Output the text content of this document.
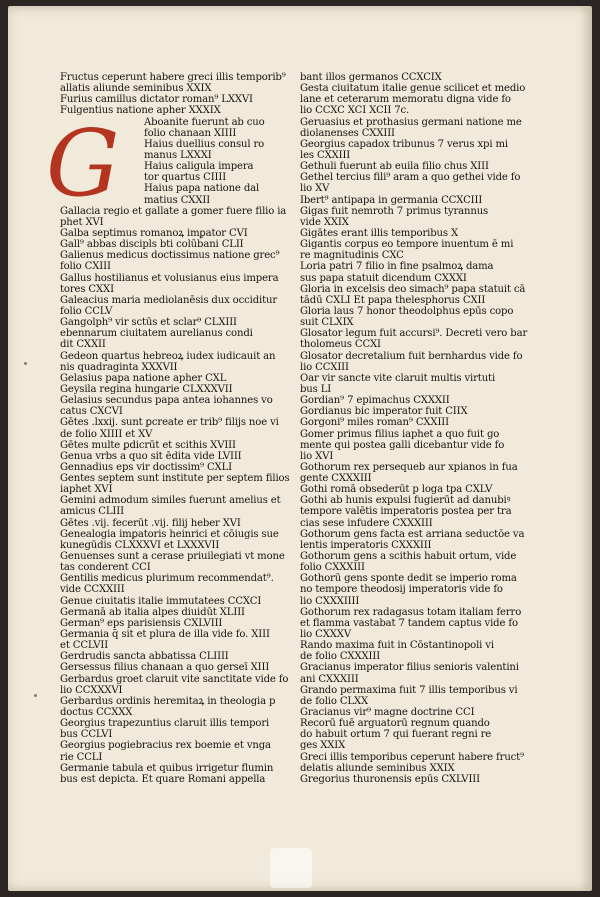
G
Fructus ceperunt habere greci illis temporib⁹
allatis aliunde seminibus XXIX
Furius camillus dictator roman⁹ LXXVI
Fulgentius natione apher XXXIX
Aboanite fuerunt ab cuo
folio chanaan XIIII
Haius duellius consul ro
manus LXXXI
Haius caligula impera
tor quartus CIIII
Haius papa natione dal
matius CXXII
Gallacia regio et gallate a gomer fuere filio ia
phet XVI
Galba septimus romanoꝝ imꝑator CVI
Gall⁹ abbas discipls bti colūbani CLII
Galienus medicus doctissimus natione grec⁹
folio CXIII
Gallus hostilianus et volusianus eius impera
tores CXXI
Galeacius maria mediolanēsis dux occiditur
folio CCLV
Gangolph⁹ vir sctūs et sclar⁹ CLXIII
ebennarum ciuitatem aurelianus condi
dit CXXII
Gedeon quartus hebreoꝝ iudex iudicauit an
nis quadraginta XXXVII
Gelasius papa natione apher CXL
Geysila regina hungarie CLXXXVII
Gelasius secundus papa antea iohannes vo
catus CXCVI
Gētes .lxxij. sunt ꝑcreate er trib⁹ filijs noe vi
de folio XIIII et XV
Gētes multe ꝑdicrūt et scithis XVIII
Genua vrbs a quo sit ēdita vide LVIII
Gennadius eps vir doctissim⁹ CXLI
Gentes septem sunt institute per septem filios
iaphet XVI
Gemini admodum similes fuerunt amelius et
amicus CLIII
Gētes .vij. fecerūt .vij. filij heber XVI
Genealogia imꝑatoris heinrici et cōiugis sue
kunegūdis CLXXXVI et LXXXVII
Genuenses sunt a cerase priuilegiati vt mone
tas conderent CCI
Gentilis medicus plurimum recommendat⁹.
vide CCXXIII
Genue ciuitatis italie immutatees CCXCI
Germanā ab italia alpes diuidūt XLIII
German⁹ eps parisiensis CXLVIII
Germania q̄ sit et plura de illa vide fo. XIII
et CCLVII
Gerdrudis sancta abbatissa CLIIII
Gersessus filius chanaan a quo gerseī XIII
Gerbardus groet claruit vite sanctitate vide fo
lio CCXXXVI
Gerbardus ordinis heremitaꝝ in theologia p
doctus CCXXX
Georgius trapezuntius claruit illis tempori
bus CCLVI
Georgius pogiebracius rex boemie et vnga
rie CCLI
Germanie tabula et quibus irrigetur flumin
bus est depicta. Et quare Romani appella
bant illos germanos CCXCIX
Gesta ciuitatum italie genue scilicet et medio
lane et ceterarum memoratu digna vide fo
lio CCXC XCI XCII 7c.
Geruasius et prothasius germani natione me
diolanenses CXXIII
Georgius capadox tribunus 7 verus xpi mi
les CXXIII
Gethuli fuerunt ab euila filio chus XIII
Gethel tercius fili⁹ aram a quo gethei vide fo
lio XV
Ibert⁹ antipapa in germania CCXCIII
Gigas fuit nemroth 7 primus tyrannus
vide XXIX
Gigātes erant illis temporibus X
Gigantis corpus eo tempore inuentum ē mi
re magnitudinis CXC
Loria patri 7 filio in fine psalmoꝝ dama
sus papa statuit dicendum CXXXI
Gloria in excelsis deo simach⁹ papa statuit cā
tādū CXLI Et papa thelesphorus CXII
Gloria laus 7 honor theodolphus epūs copo
suit CLXIX
Glosator legum fuit accursi⁹. Decreti vero bar
tholomeus CCXI
Glosator decretalium fuit bernhardus vide fo
lio CCXIII
Oar vir sancte vite claruit multis virtuti
bus LI
Gordian⁹ 7 epimachus CXXXII
Gordianus bic imperator fuit CIIX
Gorgoni⁹ miles roman⁹ CXXIII
Gomer primus filius iaphet a quo fuit go
mente qui postea galli dicebantur vide fo
lio XVI
Gothorum rex persequeb aur xpianos in fua
gente CXXXIII
Gothi romā obsederūt p loga tpa CXLV
Gothi ab hunis expulsi fugierūt ad danubiꝰ
tempore valētis imperatoris postea per tra
cias sese infudere CXXXIII
Gothorum gens facta est arriana seductōe va
lentis imperatoris CXXXIII
Gothorum gens a scithis habuit ortum, vide
folio CXXXIII
Gothorū gens sponte dedit se imperio roma
no tempore theodosij imperatoris vide fo
lio CXXXIIII
Gothorum rex radagasus totam italiam ferro
et flamma vastabat 7 tandem captus vide fo
lio CXXXV
Rando maxima fuit in Cōstantinopoli vi
de folio CXXXIII
Gracianus imperator filius senioris valentini
ani CXXXIII
Grando permaxima fuit 7 illis temporibus vi
de folio CLXX
Gracianus vir⁹ magne doctrine CCI
Recorū fuē arguatorū regnum quando
do habuit ortum 7 qui fuerant regni re
ges XXIX
Greci illis temporibus ceperunt habere fruct⁹
delatis aliunde seminibus XXIX
Gregorius thuronensis epūs CXLVIII
